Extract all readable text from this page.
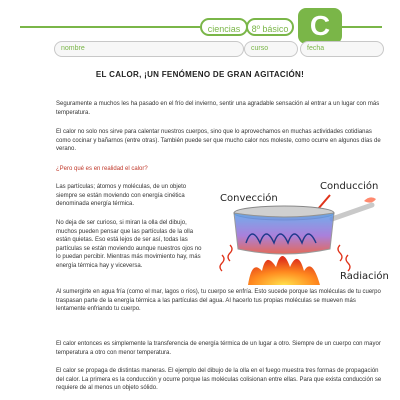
ciencias	8º básico C
nombre	curso	fecha
EL CALOR, ¡UN FENÓMENO DE GRAN AGITACIÓN!

Seguramente a muchos les ha pasado en el frío del invierno, sentir una agradable sensación al entrar a un lugar con más temperatura.

El calor no solo nos sirve para calentar nuestros cuerpos, sino que lo aprovechamos en muchas actividades cotidianas como cocinar y bañarnos (entre otras). También puede ser que mucho calor nos moleste, como ocurre en algunos días de verano.

¿Pero qué es en realidad el calor?

Las partículas; átomos y moléculas, de un objeto siempre se están moviendo con energía cinética denominada energía térmica.

No deja de ser curioso, si miran la olla del dibujo, muchos pueden pensar que las partículas de la olla están quietas. Eso está lejos de ser así, todas las partículas se están moviendo aunque nuestros ojos no lo puedan percibir. Mientras más movimiento hay, más energía térmica hay y viceversa.

Al sumergirte en agua fría (como el mar, lagos o ríos), tu cuerpo se enfría. Esto sucede porque las moléculas de tu cuerpo traspasan parte de la energía térmica a las partículas del agua. Al hacerlo tus propias moléculas se mueven más lentamente enfriando tu cuerpo.

El calor entonces es simplemente la transferencia de energía térmica de un lugar a otro. Siempre de un cuerpo con mayor temperatura a otro con menor temperatura.

El calor se propaga de distintas maneras. El ejemplo del dibujo de la olla en el fuego muestra tres formas de propagación del calor. La primera es la conducción y ocurre porque las moléculas colisionan entre ellas. Para que exista conducción se requiere de al menos un objeto sólido.

Convección
Conducción
Radiación
